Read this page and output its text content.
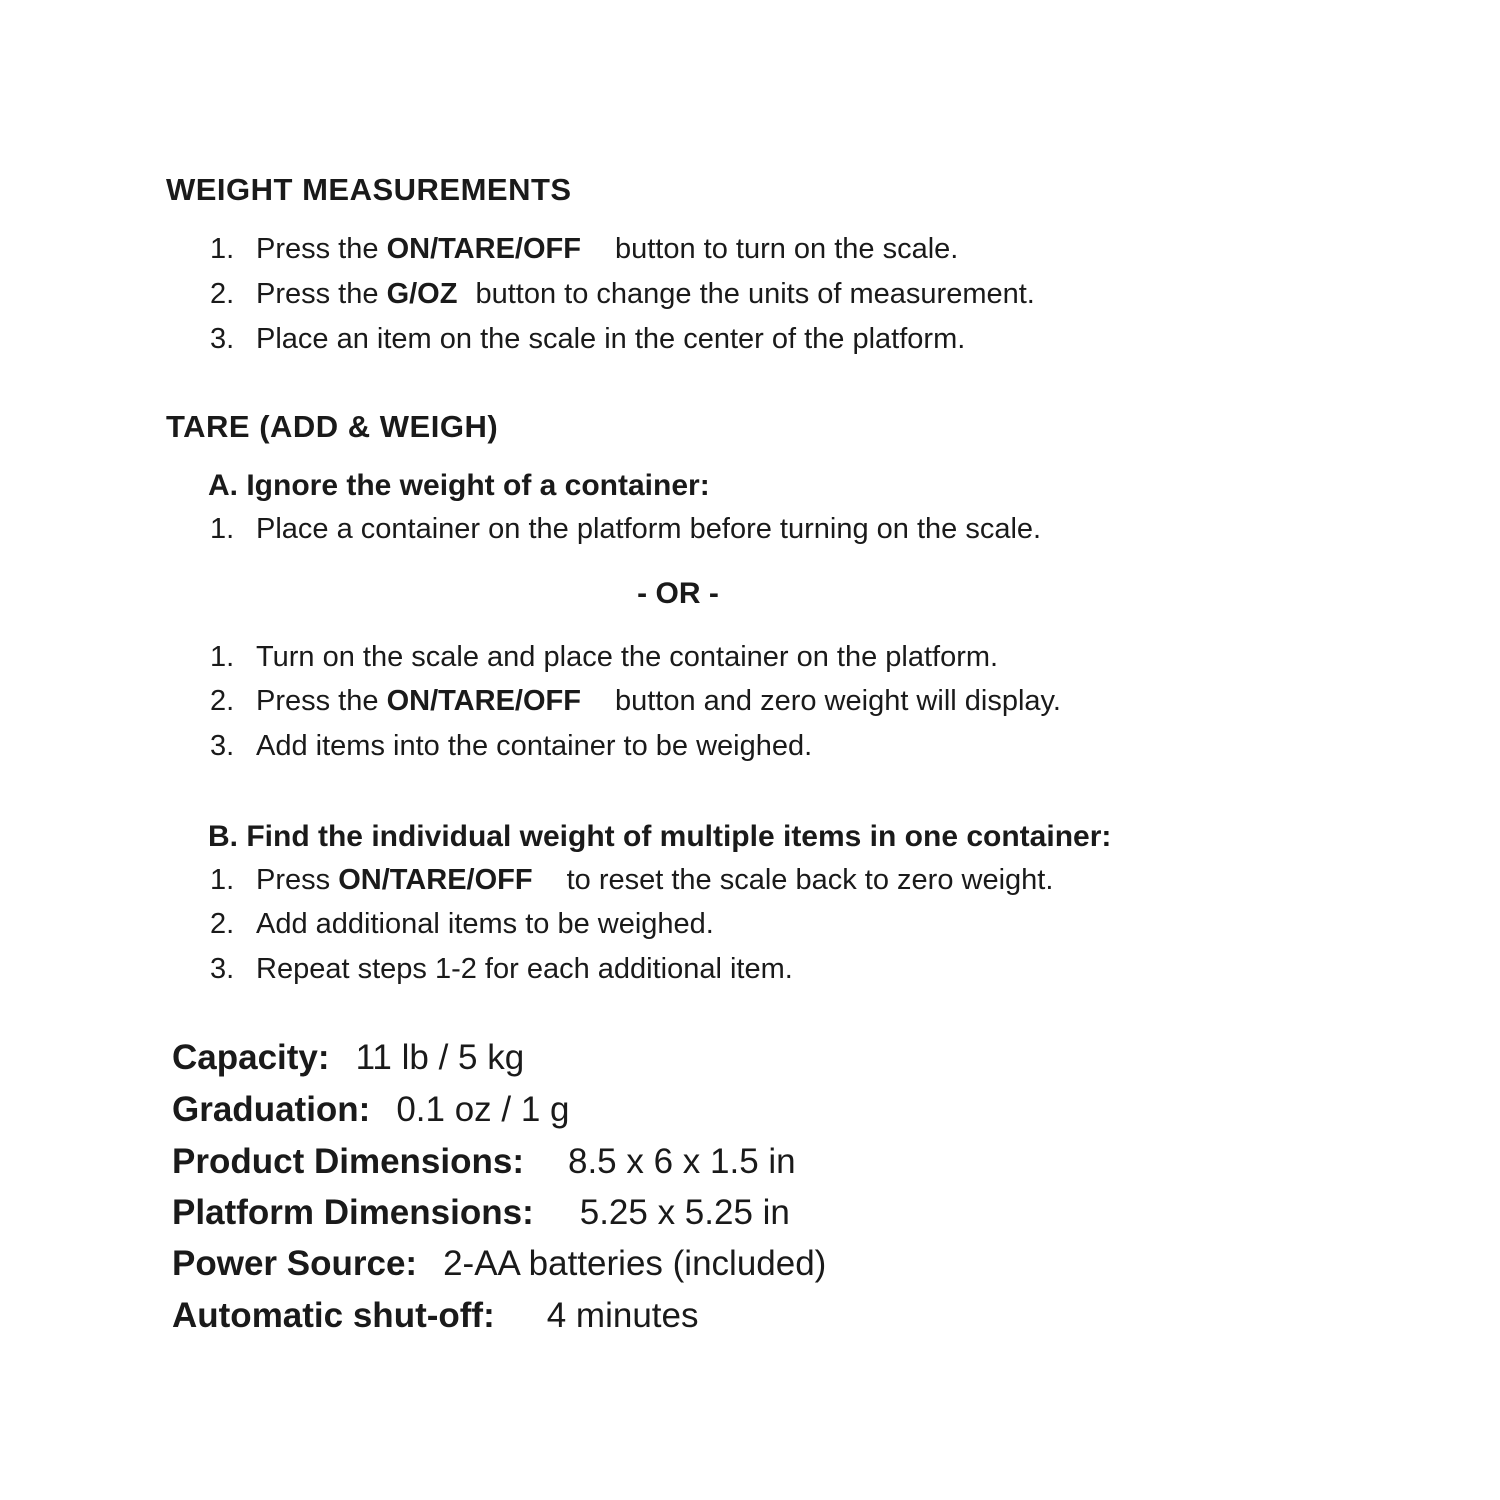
WEIGHT MEASUREMENTS
1. Press the ON/TARE/OFF button to turn on the scale.
2. Press the G/OZ button to change the units of measurement.
3. Place an item on the scale in the center of the platform.
TARE (ADD & WEIGH)
A. Ignore the weight of a container:
1. Place a container on the platform before turning on the scale.
- OR -
1. Turn on the scale and place the container on the platform.
2. Press the ON/TARE/OFF button and zero weight will display.
3. Add items into the container to be weighed.
B. Find the individual weight of multiple items in one container:
1. Press ON/TARE/OFF to reset the scale back to zero weight.
2. Add additional items to be weighed.
3. Repeat steps 1-2 for each additional item.
Capacity: 11 lb / 5 kg
Graduation: 0.1 oz / 1 g
Product Dimensions: 8.5 x 6 x 1.5 in
Platform Dimensions: 5.25 x 5.25 in
Power Source: 2-AA batteries (included)
Automatic shut-off: 4 minutes
